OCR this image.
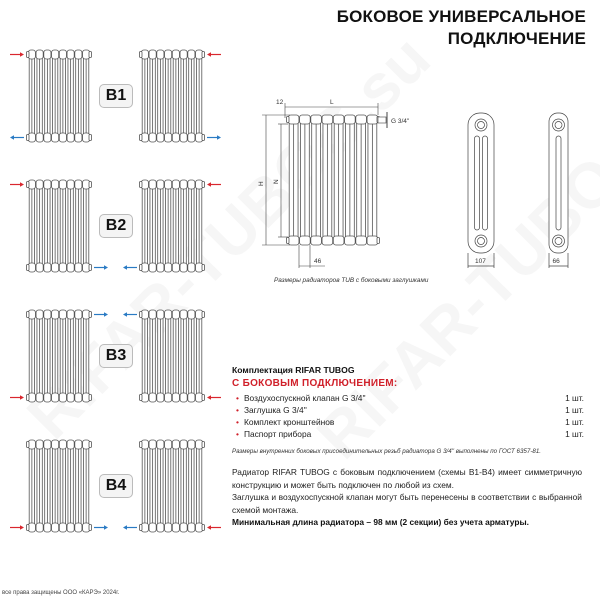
B1
B2
B3
B4
БОКОВОЕ УНИВЕРСАЛЬНОЕ
ПОДКЛЮЧЕНИЕ
G 3/4''
L
12
H N
46	107	66
Размеры радиаторов TUB с боковыми заглушками
Комплектация RIFAR TUBOG
С БОКОВЫМ ПОДКЛЮЧЕНИЕМ:
• Воздухоспускной клапан G 3/4''	1 шт.
• Заглушка G 3/4''	1 шт.
• Комплект кронштейнов	1 шт.
• Паспорт прибора	1 шт.
Размеры внутренних боковых присоединительных резьб радиатора G 3/4'' выполнены по ГОСТ 6357-81.
Радиатор RIFAR TUBOG с боковым подключением (схемы B1-B4) имеет симметричную конструкцию и может быть подключен по любой из схем.
Заглушка и воздухоспускной клапан могут быть перенесены в соответствии с выбранной схемой монтажа.
Минимальная длина радиатора – 98 мм (2 секции) без учета арматуры.
все права защищены ООО «КАРЭ» 2024г.
